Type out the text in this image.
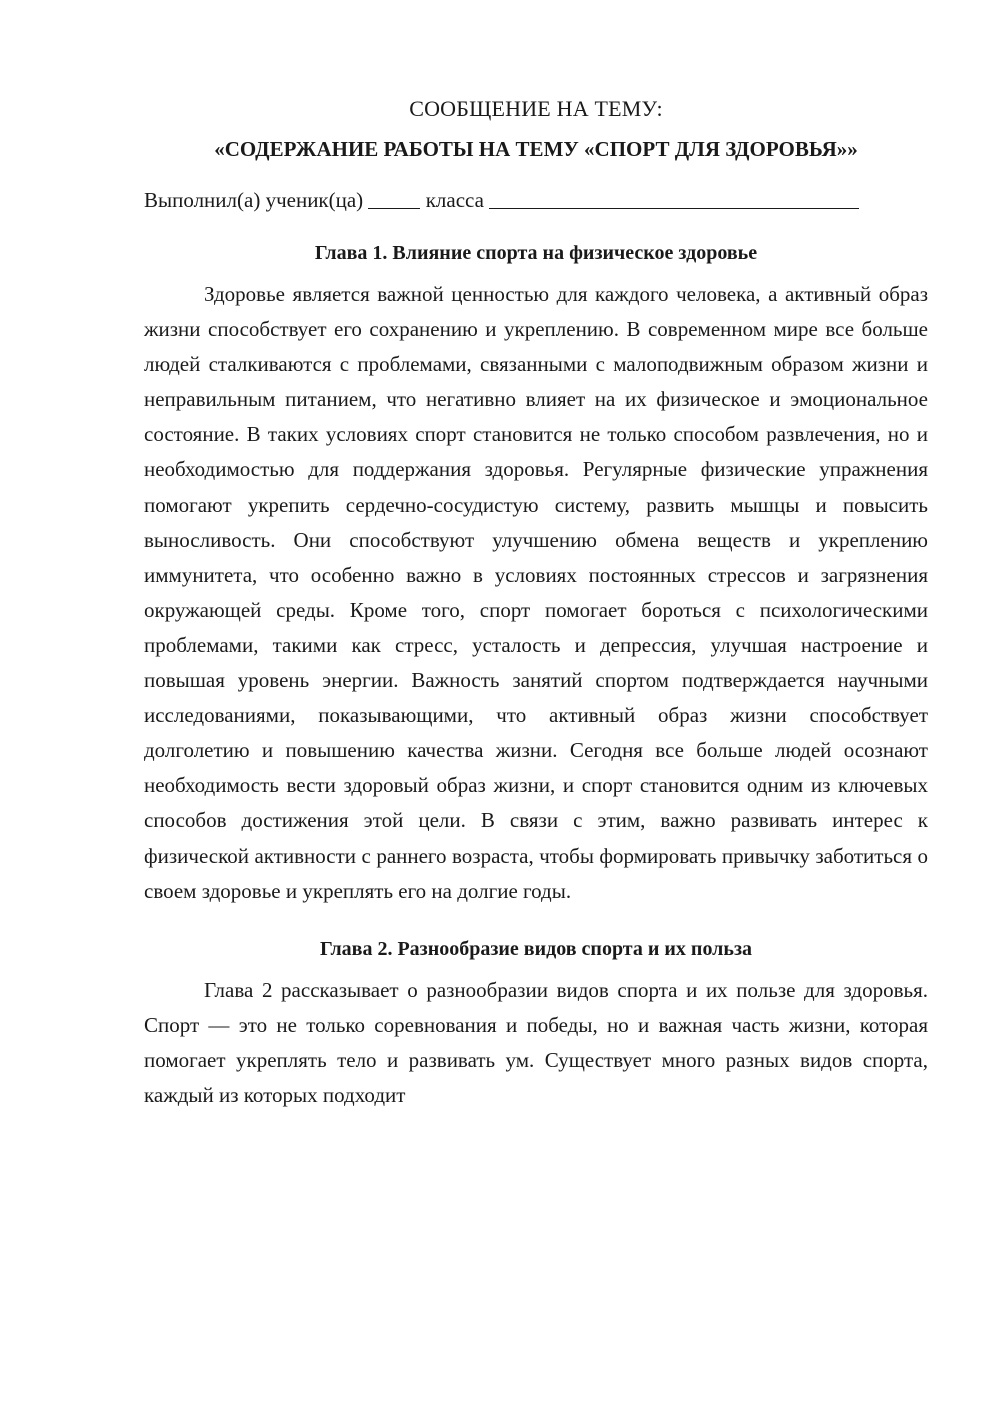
СООБЩЕНИЕ НА ТЕМУ:

«СОДЕРЖАНИЕ РАБОТЫ НА ТЕМУ «СПОРТ ДЛЯ ЗДОРОВЬЯ»»

Выполнил(а) ученик(ца)	класса

Глава 1. Влияние спорта на физическое здоровье

Здоровье является важной ценностью для каждого человека, а активный образ жизни способствует его сохранению и укреплению. В современном мире все больше людей сталкиваются с проблемами, связанными с малоподвижным образом жизни и неправильным питанием, что негативно влияет на их физическое и эмоциональное состояние. В таких условиях спорт становится не только способом развлечения, но и необходимостью для поддержания здоровья. Регулярные физические упражнения помогают укрепить сердечно-сосудистую систему, развить мышцы и повысить выносливость. Они способствуют улучшению обмена веществ и укреплению иммунитета, что особенно важно в условиях постоянных стрессов и загрязнения окружающей среды. Кроме того, спорт помогает бороться с психологическими проблемами, такими как стресс, усталость и депрессия, улучшая настроение и повышая уровень энергии. Важность занятий спортом подтверждается научными исследованиями, показывающими, что активный образ жизни способствует долголетию и повышению качества жизни. Сегодня все больше людей осознают необходимость вести здоровый образ жизни, и спорт становится одним из ключевых способов достижения этой цели. В связи с этим, важно развивать интерес к физической активности с раннего возраста, чтобы формировать привычку заботиться о своем здоровье и укреплять его на долгие годы.

Глава 2. Разнообразие видов спорта и их польза

Глава 2 рассказывает о разнообразии видов спорта и их пользе для здоровья. Спорт — это не только соревнования и победы, но и важная часть жизни, которая помогает укреплять тело и развивать ум. Существует много разных видов спорта, каждый из которых подходит
